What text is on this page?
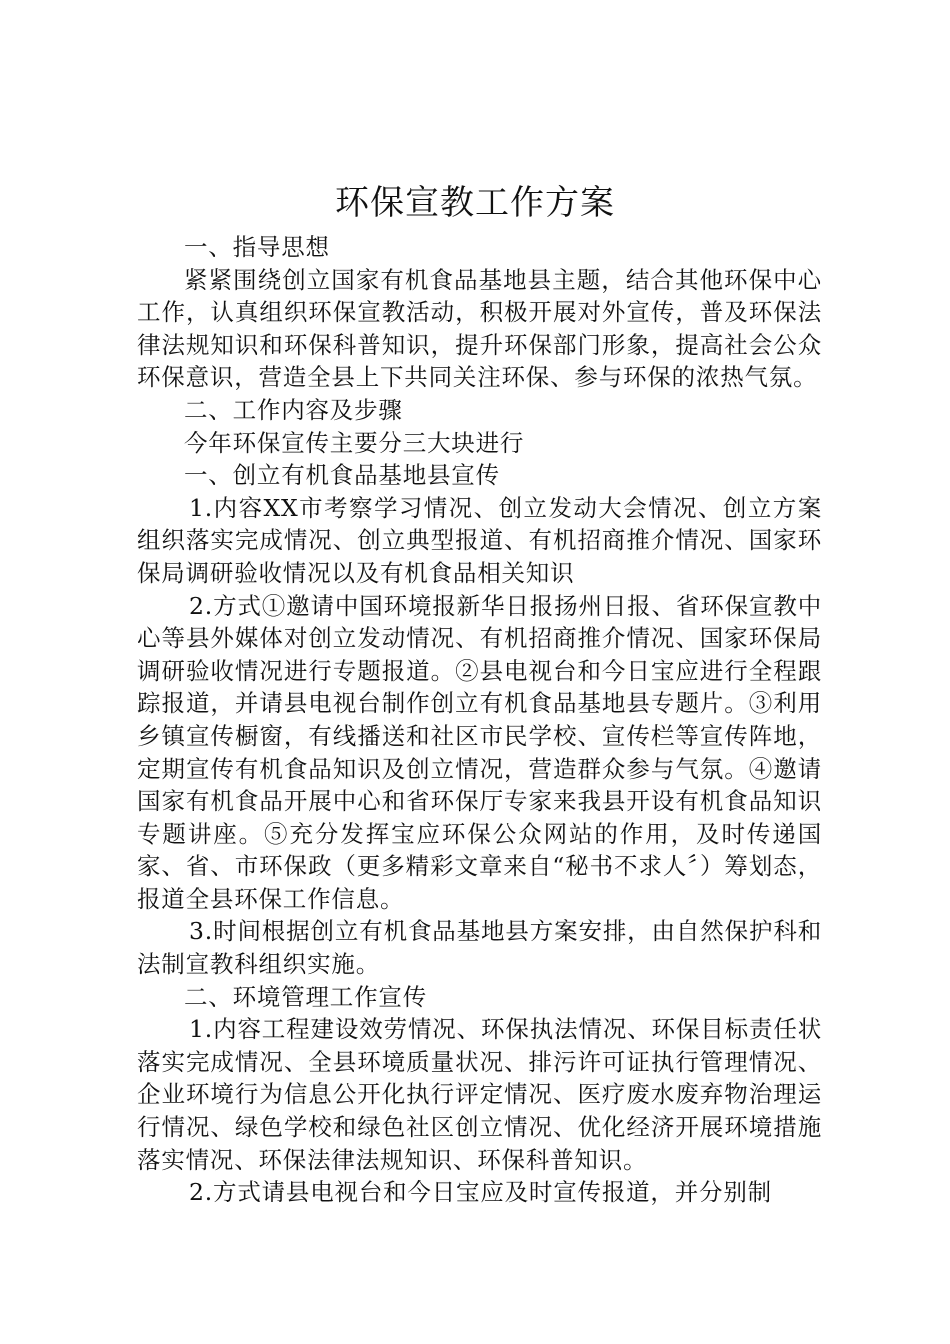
环保宣教工作方案

一、指导思想

紧紧围绕创立国家有机食品基地县主题，结合其他环保中心工作，认真组织环保宣教活动，积极开展对外宣传，普及环保法律法规知识和环保科普知识，提升环保部门形象，提高社会公众环保意识，营造全县上下共同关注环保、参与环保的浓热气氛。

二、工作内容及步骤

今年环保宣传主要分三大块进行

一、创立有机食品基地县宣传

1.内容XX市考察学习情况、创立发动大会情况、创立方案组织落实完成情况、创立典型报道、有机招商推介情况、国家环保局调研验收情况以及有机食品相关知识

2.方式①邀请中国环境报新华日报扬州日报、省环保宣教中心等县外媒体对创立发动情况、有机招商推介情况、国家环保局调研验收情况进行专题报道。②县电视台和今日宝应进行全程跟踪报道，并请县电视台制作创立有机食品基地县专题片。③利用乡镇宣传橱窗，有线播送和社区市民学校、宣传栏等宣传阵地，定期宣传有机食品知识及创立情况，营造群众参与气氛。④邀请国家有机食品开展中心和省环保厅专家来我县开设有机食品知识专题讲座。⑤充分发挥宝应环保公众网站的作用，及时传递国家、省、市环保政（更多精彩文章来自“秘书不求人〞）筹划态，报道全县环保工作信息。

3.时间根据创立有机食品基地县方案安排，由自然保护科和法制宣教科组织实施。

二、环境管理工作宣传

1.内容工程建设效劳情况、环保执法情况、环保目标责任状落实完成情况、全县环境质量状况、排污许可证执行管理情况、企业环境行为信息公开化执行评定情况、医疗废水废弃物治理运行情况、绿色学校和绿色社区创立情况、优化经济开展环境措施落实情况、环保法律法规知识、环保科普知识。

2.方式请县电视台和今日宝应及时宣传报道，并分别制
